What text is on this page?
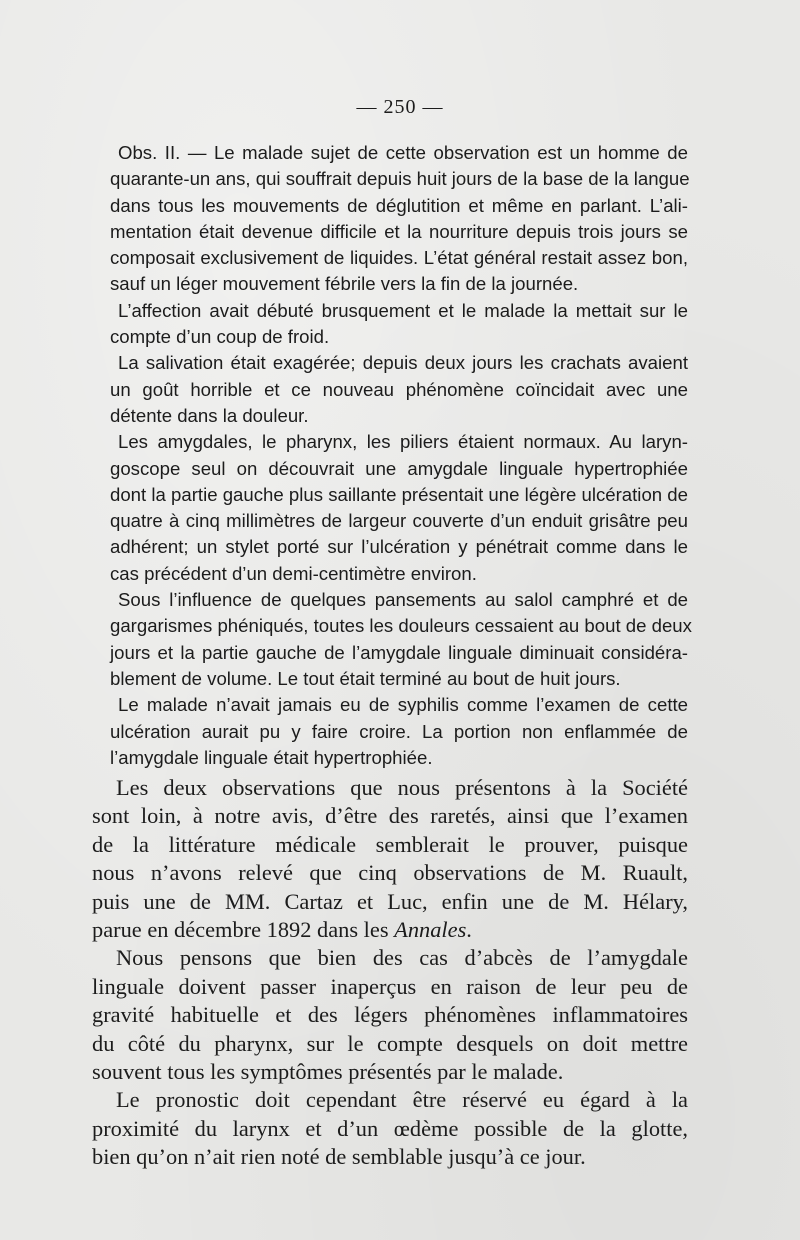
— 250 —
Obs. II. — Le malade sujet de cette observation est un homme de
quarante-un ans, qui souffrait depuis huit jours de la base de la langue
dans tous les mouvements de déglutition et même en parlant. L’ali-
mentation était devenue difficile et la nourriture depuis trois jours se
composait exclusivement de liquides. L’état général restait assez bon,
sauf un léger mouvement fébrile vers la fin de la journée.
L’affection avait débuté brusquement et le malade la mettait sur le
compte d’un coup de froid.
La salivation était exagérée; depuis deux jours les crachats avaient
un goût horrible et ce nouveau phénomène coïncidait avec une
détente dans la douleur.
Les amygdales, le pharynx, les piliers étaient normaux. Au laryn-
goscope seul on découvrait une amygdale linguale hypertrophiée
dont la partie gauche plus saillante présentait une légère ulcération de
quatre à cinq millimètres de largeur couverte d’un enduit grisâtre peu
adhérent; un stylet porté sur l’ulcération y pénétrait comme dans le
cas précédent d’un demi-centimètre environ.
Sous l’influence de quelques pansements au salol camphré et de
gargarismes phéniqués, toutes les douleurs cessaient au bout de deux
jours et la partie gauche de l’amygdale linguale diminuait considéra-
blement de volume. Le tout était terminé au bout de huit jours.
Le malade n’avait jamais eu de syphilis comme l’examen de cette
ulcération aurait pu y faire croire. La portion non enflammée de
l’amygdale linguale était hypertrophiée.
Les deux observations que nous présentons à la Société
sont loin, à notre avis, d’être des raretés, ainsi que l’examen
de la littérature médicale semblerait le prouver, puisque
nous n’avons relevé que cinq observations de M. Ruault,
puis une de MM. Cartaz et Luc, enfin une de M. Hélary,
parue en décembre 1892 dans les Annales.
Nous pensons que bien des cas d’abcès de l’amygdale
linguale doivent passer inaperçus en raison de leur peu de
gravité habituelle et des légers phénomènes inflammatoires
du côté du pharynx, sur le compte desquels on doit mettre
souvent tous les symptômes présentés par le malade.
Le pronostic doit cependant être réservé eu égard à la
proximité du larynx et d’un œdème possible de la glotte,
bien qu’on n’ait rien noté de semblable jusqu’à ce jour.
